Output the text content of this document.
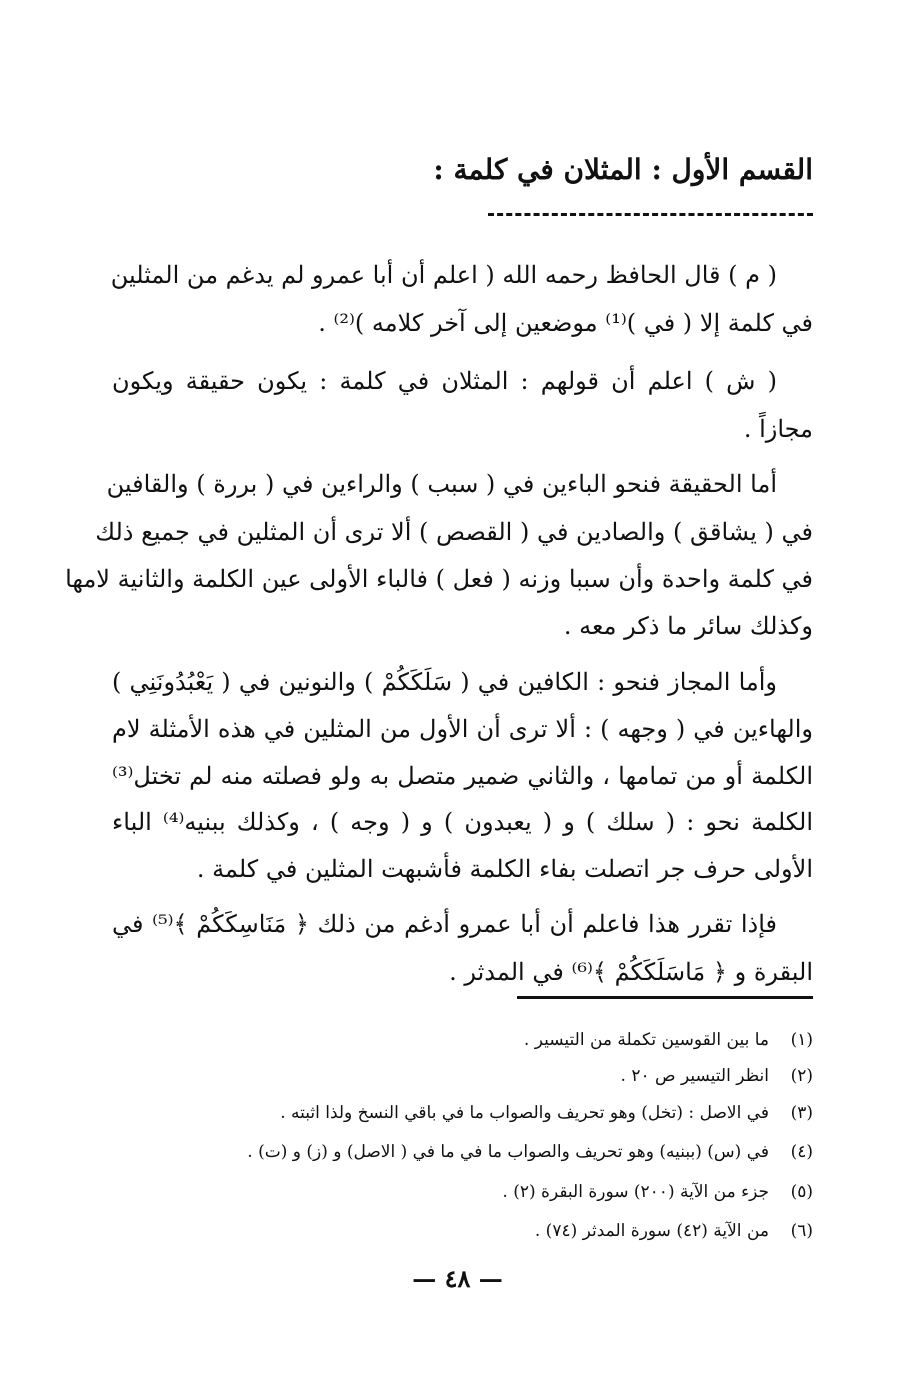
القسم الأول : المثلان في كلمة :
( م ) قال الحافظ رحمه الله ( اعلم أن أبا عمرو لم يدغم من المثلين
في كلمة إلا ( في )⁽¹⁾ موضعين إلى آخر كلامه )⁽²⁾ .
( ش ) اعلم أن قولهم : المثلان في كلمة : يكون حقيقة ويكون
مجازاً .
أما الحقيقة فنحو الباءين في ( سبب ) والراءين في ( بررة ) والقافين
في ( يشاقق ) والصادين في ( القصص ) ألا ترى أن المثلين في جميع ذلك
في كلمة واحدة وأن سببا وزنه ( فعل ) فالباء الأولى عين الكلمة والثانية لامها
وكذلك سائر ما ذكر معه .
وأما المجاز فنحو : الكافين في ( سَلَكَكُمْ ) والنونين في ( يَعْبُدُونَنِي )
والهاءين في ( وجهه ) : ألا ترى أن الأول من المثلين في هذه الأمثلة لام
الكلمة أو من تمامها ، والثاني ضمير متصل به ولو فصلته منه لم تختل⁽³⁾
الكلمة نحو : ( سلك ) و ( يعبدون ) و ( وجه ) ، وكذلك ببنيه⁽⁴⁾ الباء
الأولى حرف جر اتصلت بفاء الكلمة فأشبهت المثلين في كلمة .
فإذا تقرر هذا فاعلم أن أبا عمرو أدغم من ذلك ﴿ مَنَاسِكَكُمْ ﴾⁽⁵⁾ في
البقرة و ﴿ مَاسَلَكَكُمْ ﴾⁽⁶⁾ في المدثر .
(١)
ما بين القوسين تكملة من التيسير .
(٢)
انظر التيسير ص ٢٠ .
(٣)
في الاصل : (تخل) وهو تحريف والصواب ما في باقي النسخ ولذا اثبته .
(٤)
في (س) (ببنيه) وهو تحريف والصواب ما في ما في ( الاصل) و (ز) و (ت) .
(٥)
جزء من الآية (٢٠٠) سورة البقرة (٢) .
(٦)
من الآية (٤٢) سورة المدثر (٧٤) .
— ٤٨ —
